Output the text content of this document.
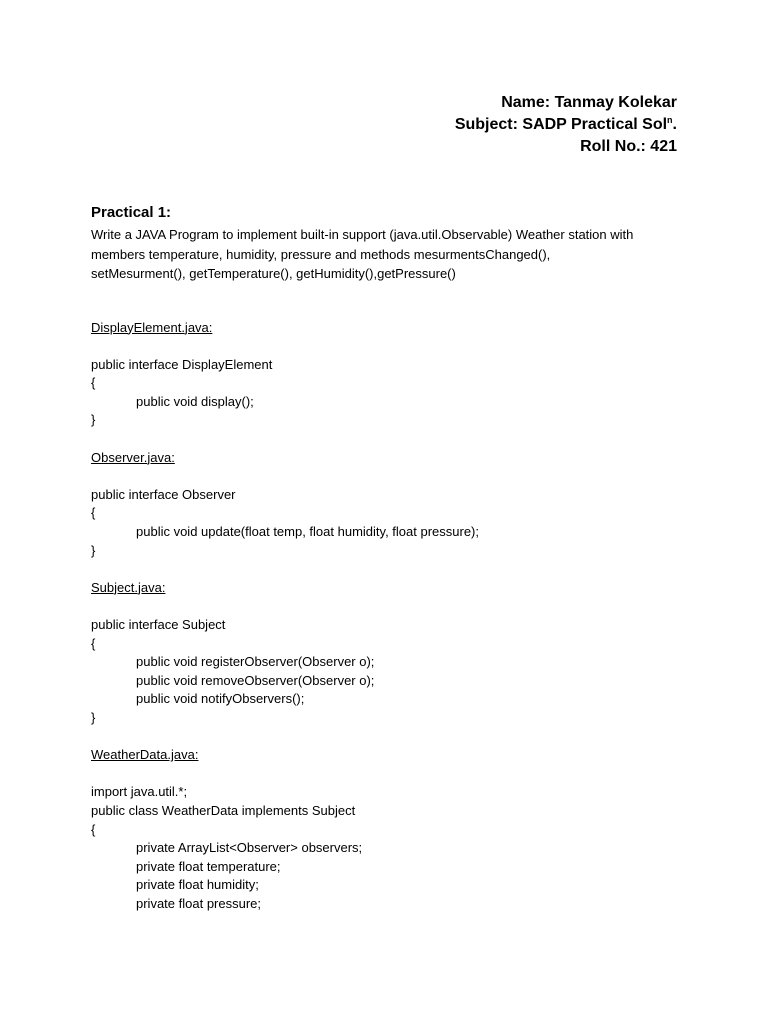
Name: Tanmay Kolekar
Subject: SADP Practical Sol$^n$.
Roll No.: 421
Practical 1:
Write a JAVA Program to implement built-in support (java.util.Observable) Weather station with
members temperature, humidity, pressure and methods mesurmentsChanged(),
setMesurment(), getTemperature(), getHumidity(),getPressure()
DisplayElement.java:
public interface DisplayElement
{
public void display();
}
Observer.java:
public interface Observer
{
public void update(float temp, float humidity, float pressure);
}
Subject.java:
public interface Subject
{
public void registerObserver(Observer o);
public void removeObserver(Observer o);
public void notifyObservers();
}
WeatherData.java:
import java.util.*;
public class WeatherData implements Subject
{
private ArrayList<Observer> observers;
private float temperature;
private float humidity;
private float pressure;
